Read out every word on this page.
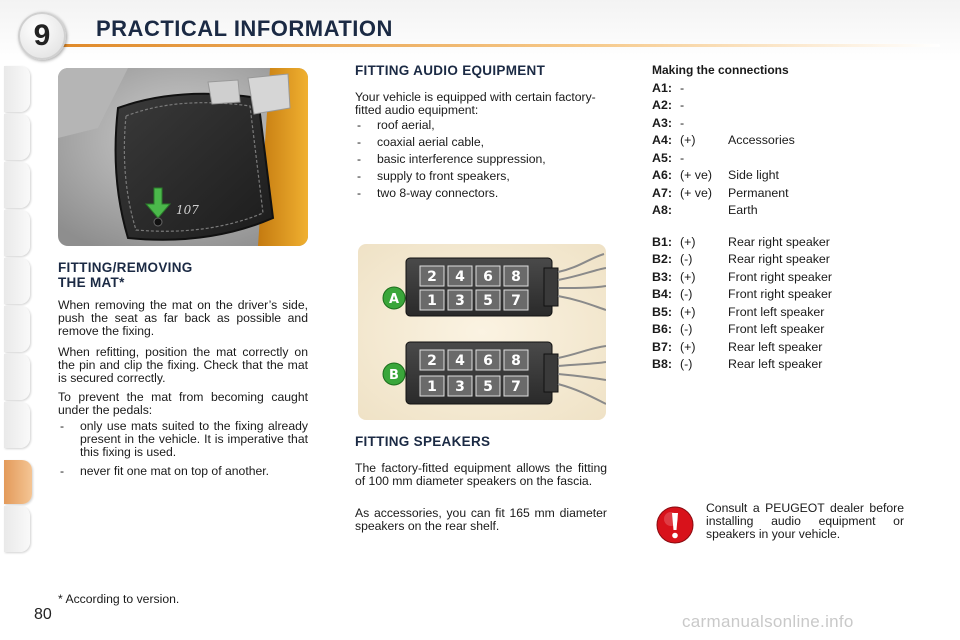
9	PRACTICAL INFORMATION
107
FITTING/REMOVING
THE MAT*

When removing the mat on the driver’s side, push the seat as far back as possible and remove the fixing.

When refitting, position the mat correctly on the pin and clip the fixing. Check that the mat is secured correctly.

To prevent the mat from becoming caught under the pedals:

- only use mats suited to the fixing already present in the vehicle. It is imperative that this fixing is used.
- never fit one mat on top of another.

* According to version.

80
FITTING AUDIO EQUIPMENT

Your vehicle is equipped with certain factory-fitted audio equipment:

- roof aerial,
- coaxial aerial cable,
- basic interference suppression,
- supply to front speakers,
- two 8-way connectors.
2 4 6 8
1 3 5 7
A
2 4 6 8
1 3 5 7
B
FITTING SPEAKERS

The factory-fitted equipment allows the fitting of 100 mm diameter speakers on the fascia.

As accessories, you can fit 165 mm diameter speakers on the rear shelf.

Making the connections
A1: -
A2: -
A3: -
A4: (+)	Accessories
A5: -
A6: (+ ve) Side light
A7: (+ ve) Permanent
A8:	Earth
B1: (+)	Rear right speaker
B2: (-)	Rear right speaker
B3: (+)	Front right speaker
B4: (-)	Front right speaker
B5: (+)	Front left speaker
B6: (-)	Front left speaker
B7: (+)	Rear left speaker
B8: (-)	Rear left speaker

Consult a PEUGEOT dealer before installing audio equipment or speakers in your vehicle.

carmanualsonline.info
